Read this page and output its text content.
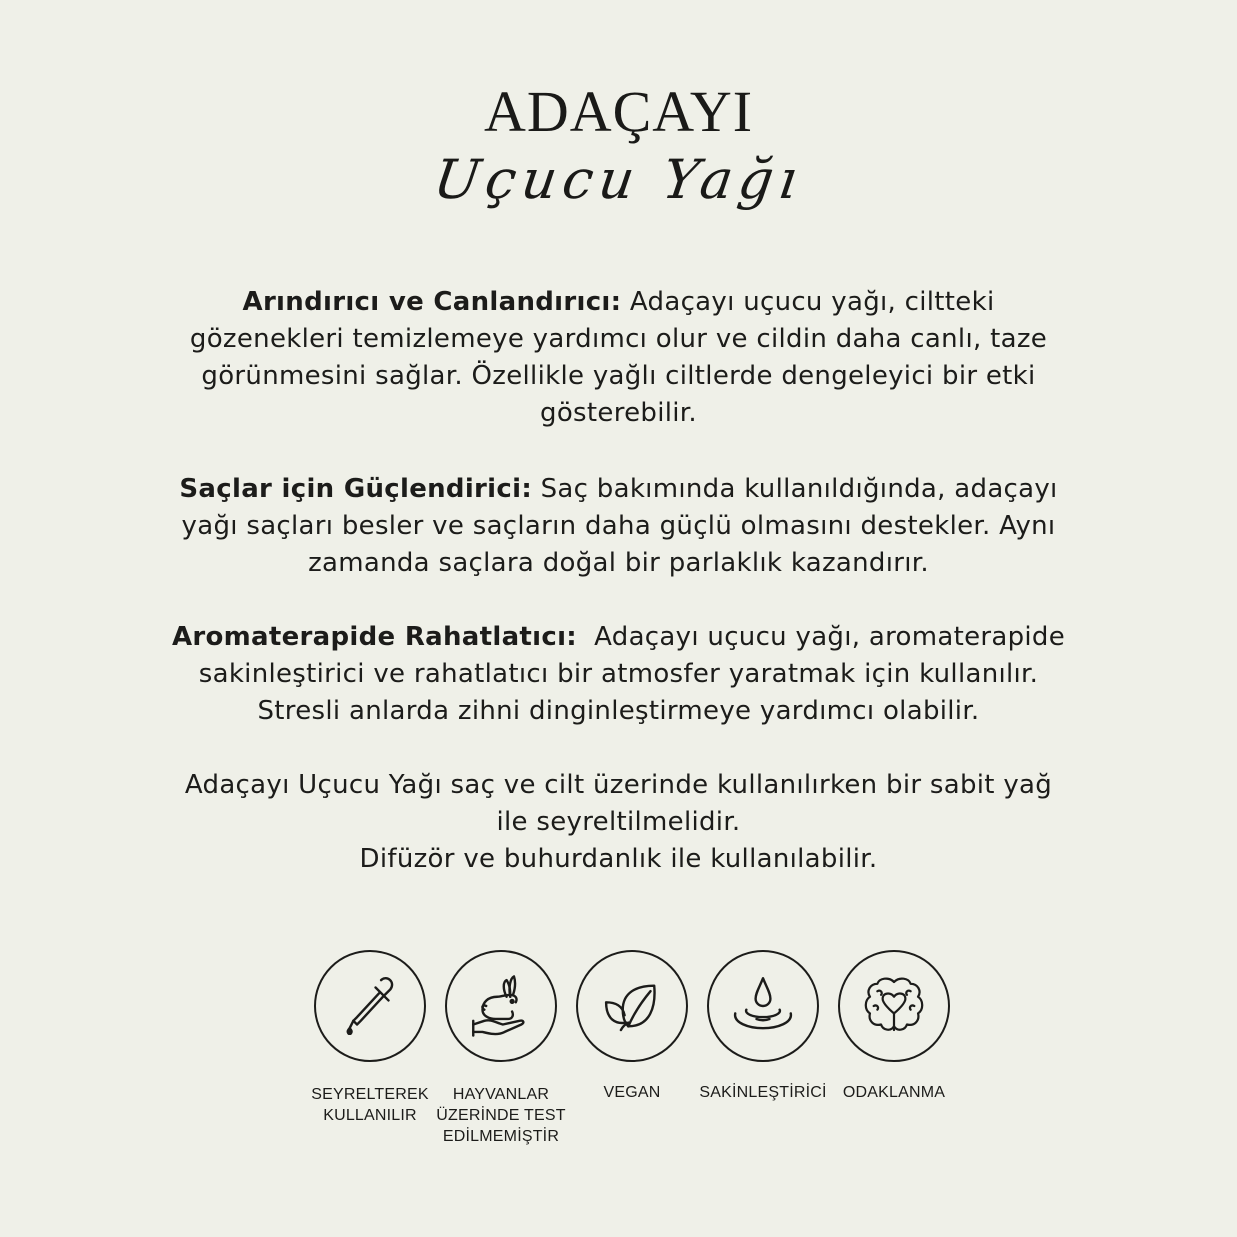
ADAÇAYI
Uçucu Yağı
Arındırıcı ve Canlandırıcı: Adaçayı uçucu yağı, ciltteki
gözenekleri temizlemeye yardımcı olur ve cildin daha canlı, taze
görünmesini sağlar. Özellikle yağlı ciltlerde dengeleyici bir etki
gösterebilir.
Saçlar için Güçlendirici: Saç bakımında kullanıldığında, adaçayı
yağı saçları besler ve saçların daha güçlü olmasını destekler. Aynı
zamanda saçlara doğal bir parlaklık kazandırır.
Aromaterapide Rahatlatıcı:  Adaçayı uçucu yağı, aromaterapide
sakinleştirici ve rahatlatıcı bir atmosfer yaratmak için kullanılır.
Stresli anlarda zihni dinginleştirmeye yardımcı olabilir.
Adaçayı Uçucu Yağı saç ve cilt üzerinde kullanılırken bir sabit yağ
ile seyreltilmelidir.
Difüzör ve buhurdanlık ile kullanılabilir.
SEYRELTEREK
KULLANILIR
HAYVANLAR
ÜZERİNDE TEST
EDİLMEMİŞTİR
VEGAN	SAKİNLEŞTİRİCİ	ODAKLANMA
